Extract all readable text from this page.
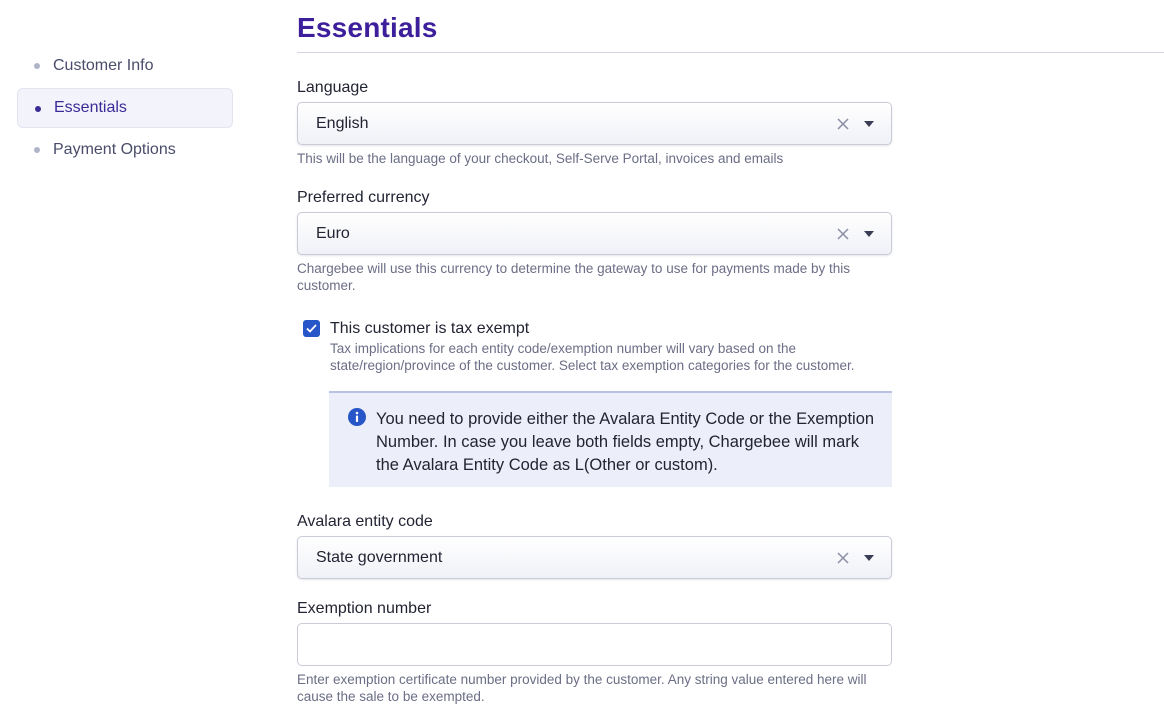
Customer Info
Essentials
Payment Options
Essentials
Language
English
This will be the language of your checkout, Self-Serve Portal, invoices and emails
Preferred currency
Euro
Chargebee will use this currency to determine the gateway to use for payments made by this customer.
This customer is tax exempt
Tax implications for each entity code/exemption number will vary based on the state/region/province of the customer. Select tax exemption categories for the customer.
You need to provide either the Avalara Entity Code or the Exemption Number. In case you leave both fields empty, Chargebee will mark the Avalara Entity Code as L(Other or custom).
Avalara entity code
State government
Exemption number
Enter exemption certificate number provided by the customer. Any string value entered here will cause the sale to be exempted.
